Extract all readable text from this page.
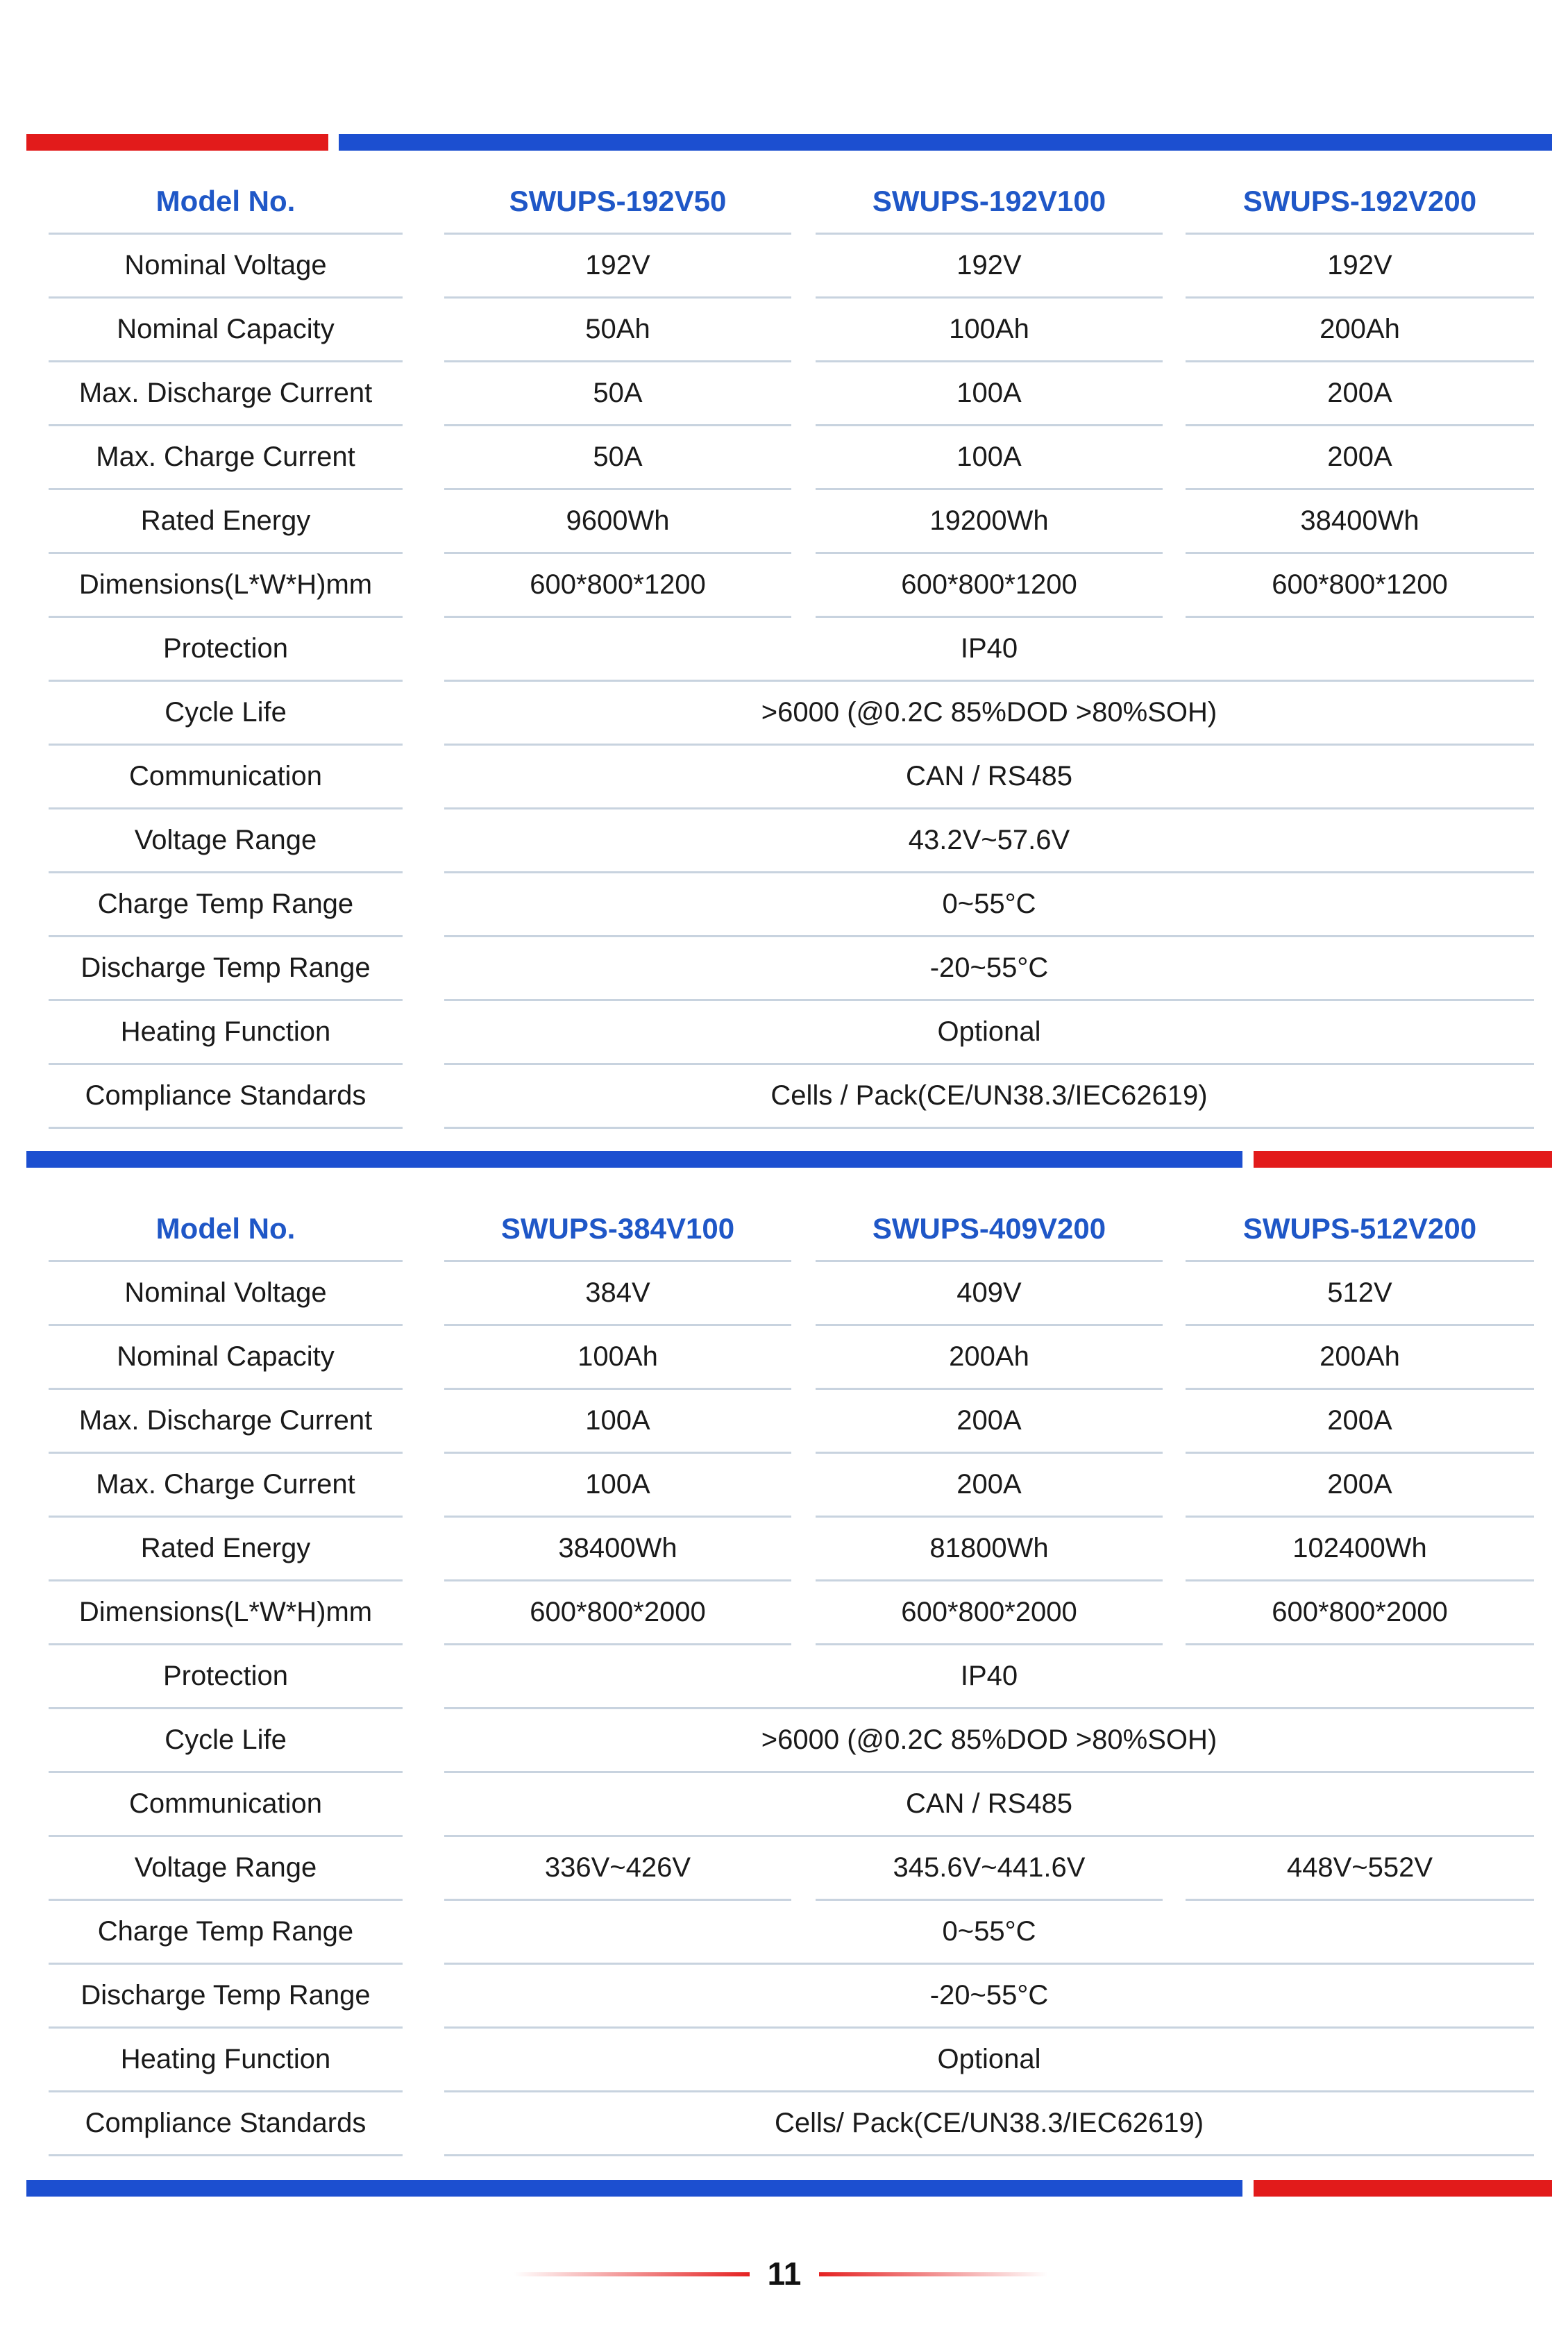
Model No.	SWUPS-192V50	SWUPS-192V100	SWUPS-192V200
Nominal Voltage	192V	192V	192V
Nominal Capacity	50Ah	100Ah	200Ah
Max. Discharge Current	50A	100A	200A
Max. Charge Current	50A	100A	200A
Rated Energy	9600Wh	19200Wh	38400Wh
Dimensions(L*W*H)mm	600*800*1200	600*800*1200	600*800*1200
Protection	IP40
Cycle Life	>6000 (@0.2C 85%DOD >80%SOH)
Communication	CAN / RS485
Voltage Range	43.2V~57.6V
Charge Temp Range	0~55°C
Discharge Temp Range	-20~55°C
Heating Function	Optional
Compliance Standards	Cells / Pack(CE/UN38.3/IEC62619)
Model No.	SWUPS-384V100	SWUPS-409V200	SWUPS-512V200
Nominal Voltage	384V	409V	512V
Nominal Capacity	100Ah	200Ah	200Ah
Max. Discharge Current	100A	200A	200A
Max. Charge Current	100A	200A	200A
Rated Energy	38400Wh	81800Wh	102400Wh
Dimensions(L*W*H)mm	600*800*2000	600*800*2000	600*800*2000
Protection	IP40
Cycle Life	>6000 (@0.2C 85%DOD >80%SOH)
Communication	CAN / RS485
Voltage Range	336V~426V	345.6V~441.6V	448V~552V
Charge Temp Range	0~55°C
Discharge Temp Range	-20~55°C
Heating Function	Optional
Compliance Standards	Cells/ Pack(CE/UN38.3/IEC62619)
11
